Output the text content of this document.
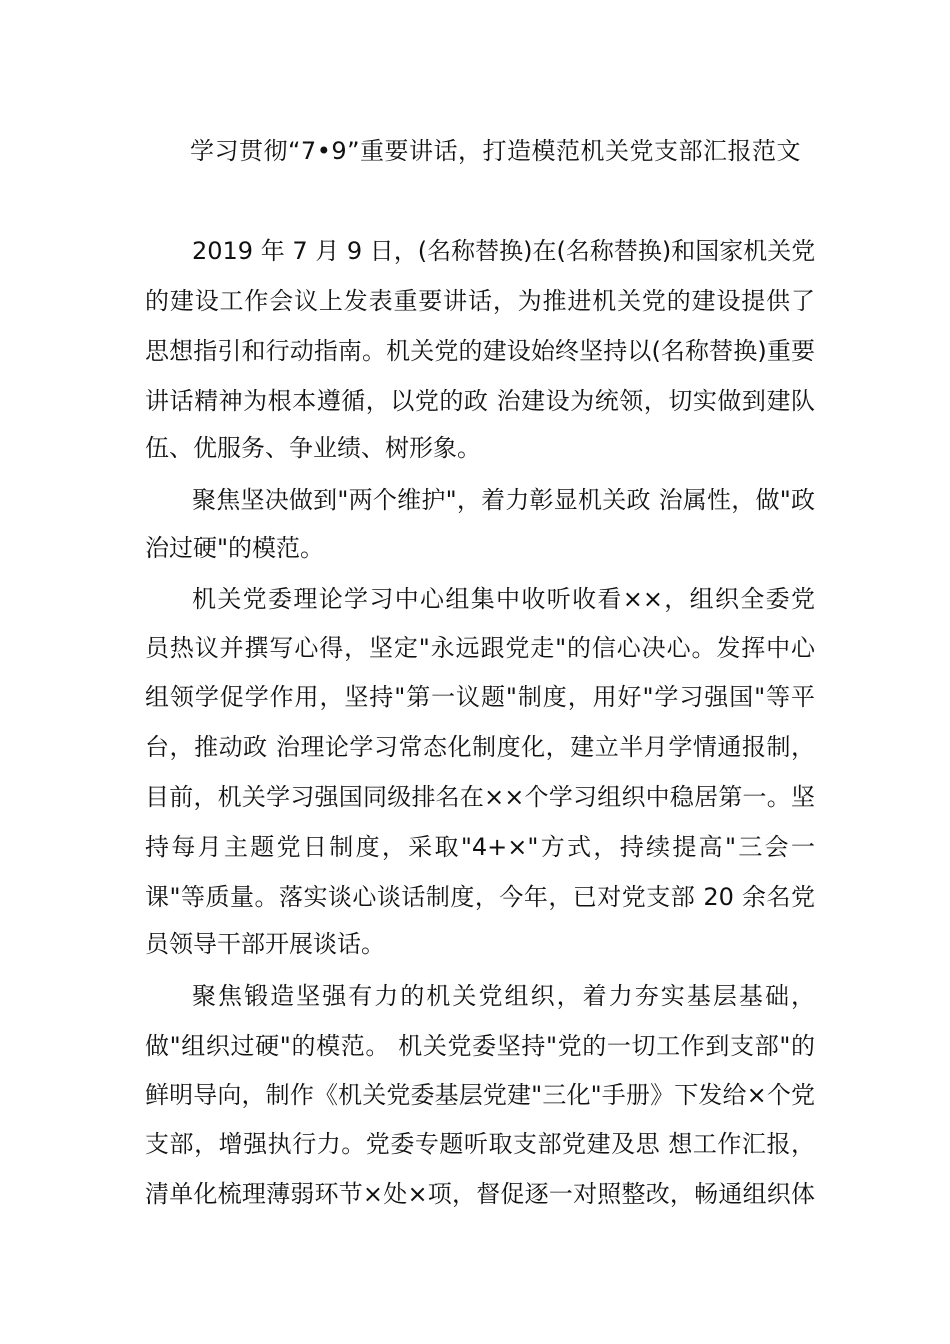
学习贯彻“7•9”重要讲话，打造模范机关党支部汇报范文
2019 年 7 月 9 日，(名称替换)在(名称替换)和国家机关党
的建设工作会议上发表重要讲话，为推进机关党的建设提供了
思想指引和行动指南。机关党的建设始终坚持以(名称替换)重要
讲话精神为根本遵循，以党的政 治建设为统领，切实做到建队
伍、优服务、争业绩、树形象。
聚焦坚决做到"两个维护"，着力彰显机关政 治属性，做"政
治过硬"的模范。
机关党委理论学习中心组集中收听收看××，组织全委党
员热议并撰写心得，坚定"永远跟党走"的信心决心。发挥中心
组领学促学作用，坚持"第一议题"制度，用好"学习强国"等平
台，推动政 治理论学习常态化制度化，建立半月学情通报制，
目前，机关学习强国同级排名在××个学习组织中稳居第一。坚
持每月主题党日制度，采取"4+×"方式，持续提高"三会一
课"等质量。落实谈心谈话制度，今年，已对党支部 20 余名党
员领导干部开展谈话。
聚焦锻造坚强有力的机关党组织，着力夯实基层基础，
做"组织过硬"的模范。 机关党委坚持"党的一切工作到支部"的
鲜明导向，制作《机关党委基层党建"三化"手册》下发给×个党
支部，增强执行力。党委专题听取支部党建及思 想工作汇报，
清单化梳理薄弱环节×处×项，督促逐一对照整改，畅通组织体
